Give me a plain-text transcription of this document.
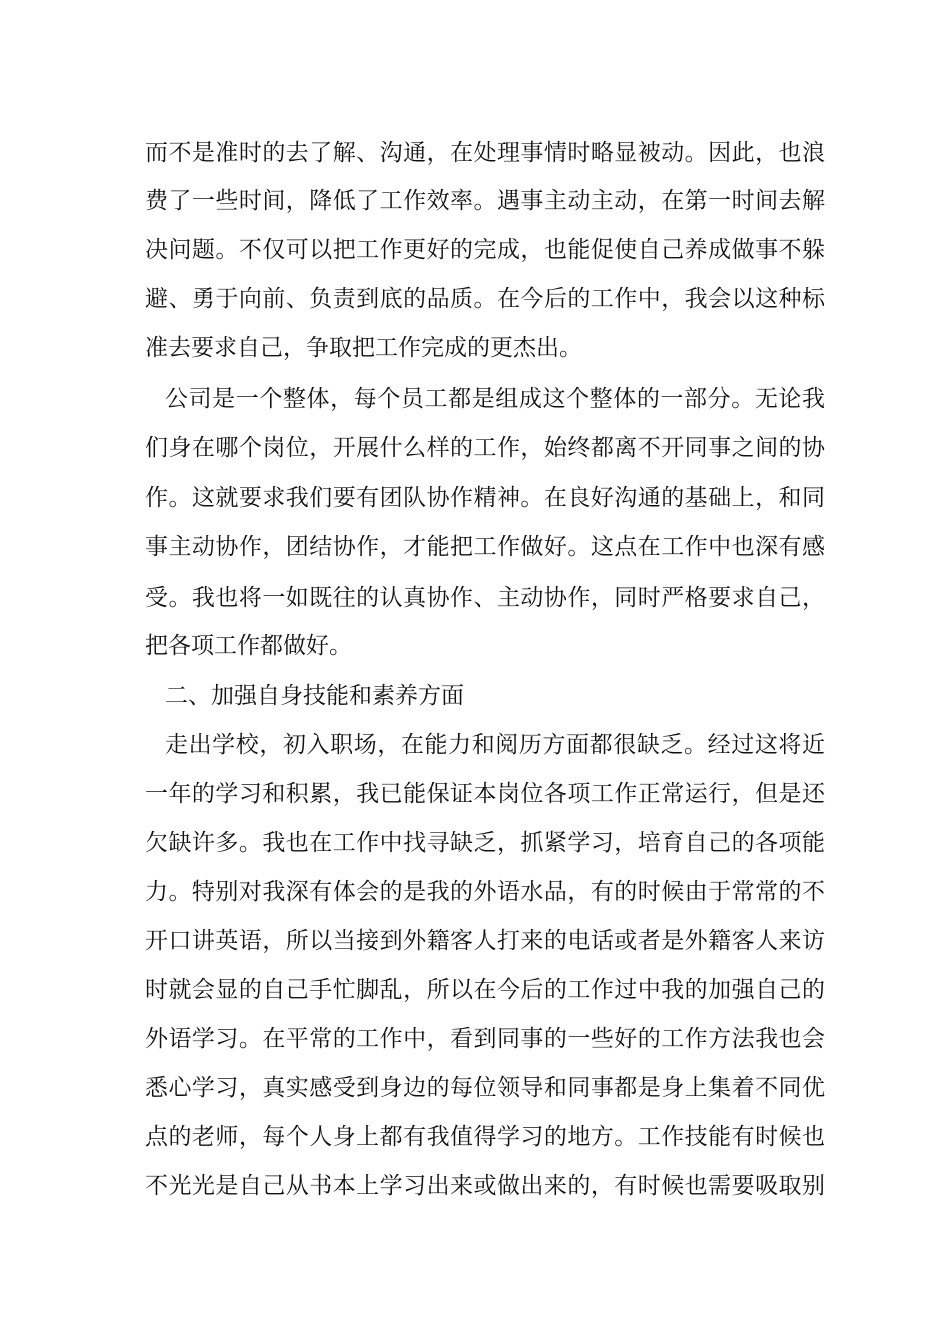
而不是准时的去了解、沟通，在处理事情时略显被动。因此，也浪
费了一些时间，降低了工作效率。遇事主动主动，在第一时间去解
决问题。不仅可以把工作更好的完成，也能促使自己养成做事不躲
避、勇于向前、负责到底的品质。在今后的工作中，我会以这种标
准去要求自己，争取把工作完成的更杰出。
公司是一个整体，每个员工都是组成这个整体的一部分。无论我
们身在哪个岗位，开展什么样的工作，始终都离不开同事之间的协
作。这就要求我们要有团队协作精神。在良好沟通的基础上，和同
事主动协作，团结协作，才能把工作做好。这点在工作中也深有感
受。我也将一如既往的认真协作、主动协作，同时严格要求自己，
把各项工作都做好。
二、加强自身技能和素养方面
走出学校，初入职场，在能力和阅历方面都很缺乏。经过这将近
一年的学习和积累，我已能保证本岗位各项工作正常运行，但是还
欠缺许多。我也在工作中找寻缺乏，抓紧学习，培育自己的各项能
力。特别对我深有体会的是我的外语水品，有的时候由于常常的不
开口讲英语，所以当接到外籍客人打来的电话或者是外籍客人来访
时就会显的自己手忙脚乱，所以在今后的工作过中我的加强自己的
外语学习。在平常的工作中，看到同事的一些好的工作方法我也会
悉心学习，真实感受到身边的每位领导和同事都是身上集着不同优
点的老师，每个人身上都有我值得学习的地方。工作技能有时候也
不光光是自己从书本上学习出来或做出来的，有时候也需要吸取别
